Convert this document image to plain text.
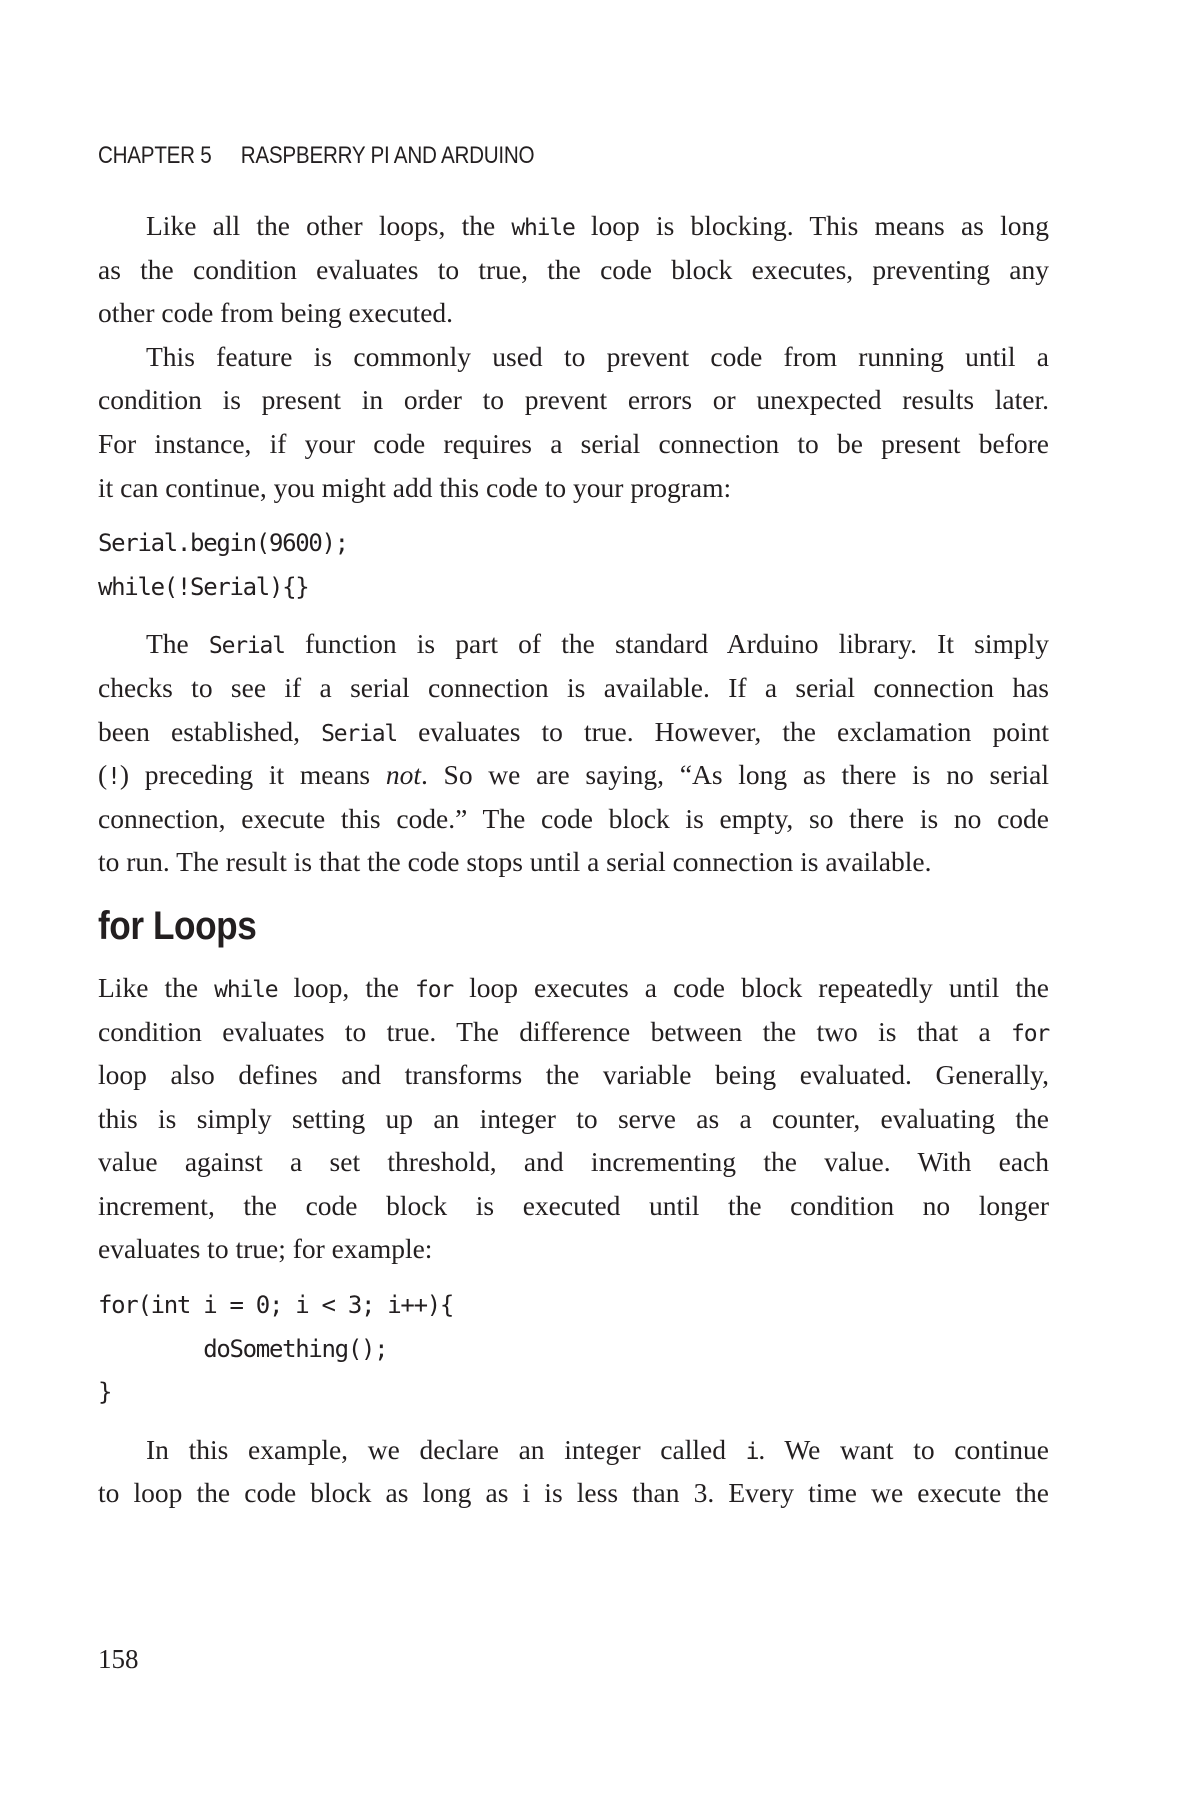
CHAPTER 5 RASPBERRY PI AND ARDUINO
Like all the other loops, the while loop is blocking. This means as long
as the condition evaluates to true, the code block executes, preventing any
other code from being executed.
This feature is commonly used to prevent code from running until a
condition is present in order to prevent errors or unexpected results later.
For instance, if your code requires a serial connection to be present before
it can continue, you might add this code to your program:
Serial.begin(9600);
while(!Serial){}
The Serial function is part of the standard Arduino library. It simply
checks to see if a serial connection is available. If a serial connection has
been established, Serial evaluates to true. However, the exclamation point
(!) preceding it means not. So we are saying, “As long as there is no serial
connection, execute this code.” The code block is empty, so there is no code
to run. The result is that the code stops until a serial connection is available.
for Loops
Like the while loop, the for loop executes a code block repeatedly until the
condition evaluates to true. The difference between the two is that a for
loop also defines and transforms the variable being evaluated. Generally,
this is simply setting up an integer to serve as a counter, evaluating the
value against a set threshold, and incrementing the value. With each
increment, the code block is executed until the condition no longer
evaluates to true; for example:
for(int i = 0; i < 3; i++){
doSomething();
}
In this example, we declare an integer called i. We want to continue
to loop the code block as long as i is less than 3. Every time we execute the
158
